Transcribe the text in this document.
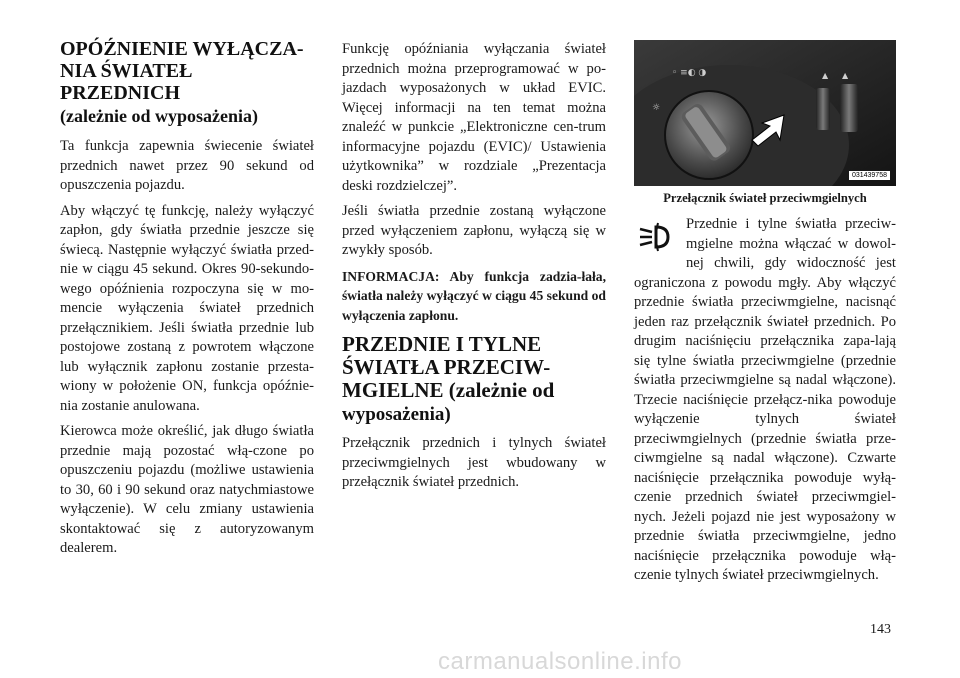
OPÓŹNIENIE WYŁĄCZA-
NIA ŚWIATEŁ PRZEDNICH
(zależnie od wyposażenia)

Ta funkcja zapewnia świecenie świateł przednich nawet przez 90 sekund od opuszczenia pojazdu.

Aby włączyć tę funkcję, należy wyłączyć zapłon, gdy światła przednie jeszcze się świecą. Następnie wyłączyć światła przed-nie w ciągu 45 sekund. Okres 90-sekundo-wego opóźnienia rozpoczyna się w mo-mencie wyłączenia świateł przednich przełącznikiem. Jeśli światła przednie lub postojowe zostaną z powrotem włączone lub wyłącznik zapłonu zostanie przesta-wiony w położenie ON, funkcja opóźnie-nia zostanie anulowana.

Kierowca może określić, jak długo światła przednie mają pozostać włą-czone po opuszczeniu pojazdu (możliwe ustawienia to 30, 60 i 90 sekund oraz natychmiastowe wyłączenie). W celu zmiany ustawienia skontaktować się z autoryzowanym dealerem.

Funkcję opóźniania wyłączania świateł przednich można przeprogramować w po-jazdach wyposażonych w układ EVIC. Więcej informacji na ten temat można znaleźć w punkcie „Elektroniczne cen-trum informacyjne pojazdu (EVIC)/ Ustawienia użytkownika” w rozdziale „Prezentacja deski rozdzielczej”.

Jeśli światła przednie zostaną wyłączone przed wyłączeniem zapłonu, wyłączą się w zwykły sposób.

INFORMACJA: Aby funkcja zadzia-łała, światła należy wyłączyć w ciągu 45 sekund od wyłączenia zapłonu.

PRZEDNIE I TYLNE
ŚWIATŁA PRZECIW-
MGIELNE (zależnie od
wyposażenia)

Przełącznik przednich i tylnych świateł przeciwmgielnych jest wbudowany w przełącznik świateł przednich.

◦ ≡◐ ◑
☼
▲ ▲
031439758
Przełącznik świateł przeciwmgielnych

Przednie i tylne światła przeciw-mgielne można włączać w dowol-nej chwili, gdy widoczność jest ograniczona z powodu mgły. Aby włączyć przednie światła przeciwmgielne, nacisnąć jeden raz przełącznik świateł przednich. Po drugim naciśnięciu przełącznika zapa-lają się tylne światła przeciwmgielne (przednie światła przeciwmgielne są nadal włączone). Trzecie naciśnięcie przełącz-nika powoduje wyłączenie tylnych świateł przeciwmgielnych (przednie światła prze-ciwmgielne są nadal włączone). Czwarte naciśnięcie przełącznika powoduje wyłą-czenie przednich świateł przeciwmgiel-nych. Jeżeli pojazd nie jest wyposażony w przednie światła przeciwmgielne, jedno naciśnięcie przełącznika powoduje włą-czenie tylnych świateł przeciwmgielnych.

143
carmanualsonline.info
